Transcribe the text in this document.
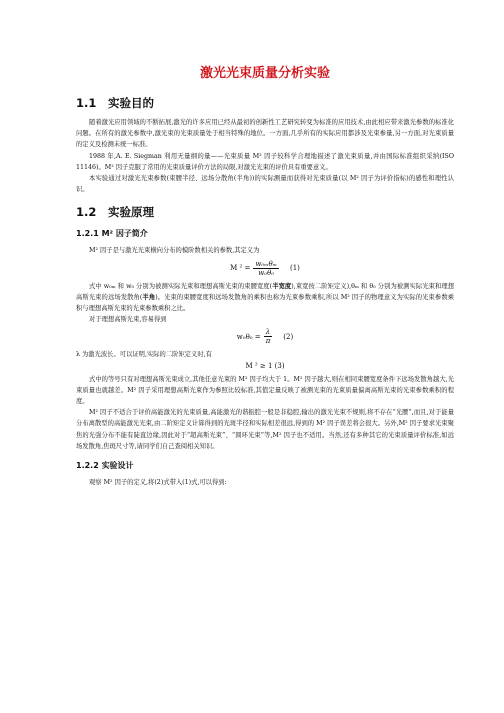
激光光束质量分析实验
1.1 实验目的

随着激光应用领域的不断拓展,激光的许多应用已经从最初的创新性工艺研究转变为标准的应用技术,由此相应带来激光参数的标准化问题。在所有的激光参数中,激光束的光束质量处于相当特殊的地位。一方面,几乎所有的实际应用都涉及光束参量,另一方面,对光束质量的定义及检测未统一标准。

1988 年,A. E. Siegman 利用无量纲的量——光束质量 M² 因子较科学合理地描述了激光束质量,并由国际标准组织采纳(ISO 11146)。M² 因子克服了常用的光束质量评价方法的局限,对激光光束的评价具有重要意义。

本实验通过对激光光束参数(束腰半径、远场分散角(半角))的实际测量而获得对光束质量(以 M² 因子为评价指标)的感性和理性认识。

1.2 实验原理
1.2.1 M² 因子简介

M² 因子是与激光光束横向分布的模阶数相关的参数,其定义为

M $^2 = \frac{\text{w₀ₘθₘ}}{\text{w₀θ₀}} (1)$

式中 w₀ₘ 和 w₀ 分别为被测实际光束和理想高斯光束的束腰宽度(半宽度),束宽按二阶矩定义),θₘ 和 θ₀ 分别为被测实际光束和理想高斯光束的远场发散角(半角)。光束的束腰宽度和远场发散角的乘积也称为光束参数乘积,所以 M² 因子的物理意义为实际的光束参数乘积与理想高斯光束的光束参数乘积之比。

对于理想高斯光束,容易得到

$w_0\theta_0 = \frac{\lambda}{\pi} (2)$

λ 为激光波长。可以证明,实际的二阶矩定义时,有

M ² ≥ 1 (3)

式中的等号只有对理想高斯光束成立,其他任意光束的 M² 因子均大于 1。M² 因子越大,则在相同束腰宽度条件下远场发散角越大,光束质量也就越差。M² 因子采用理想高斯光束作为参照比较标准,其值定量反映了被测光束的光束质量偏离高斯光束的光束参数乘积的程度。

M² 因子不适合于评价高能激光的光束质量,高能激光的谐振腔一般是非稳腔,输出的激光光束不规则,将不存在“光腰”,而且,对于能量分布离散型的高能激光光束,由二阶矩定义计算得到的光斑半径和实际相差很远,得到的 M² 因子误差将会很大。另外,M² 因子要求光束聚焦的光强分布不能有陡直边缘,因此对于“超高斯光束”、“圆环光束”等,M² 因子也不适用。当然,还有多种其它的光束质量评价标准,如远场发散角,焦斑尺寸等,请同学们自己查阅相关知识。

1.2.2 实验设计

观察 M² 因子的定义,将(2)式带入(1)式,可以得到:
